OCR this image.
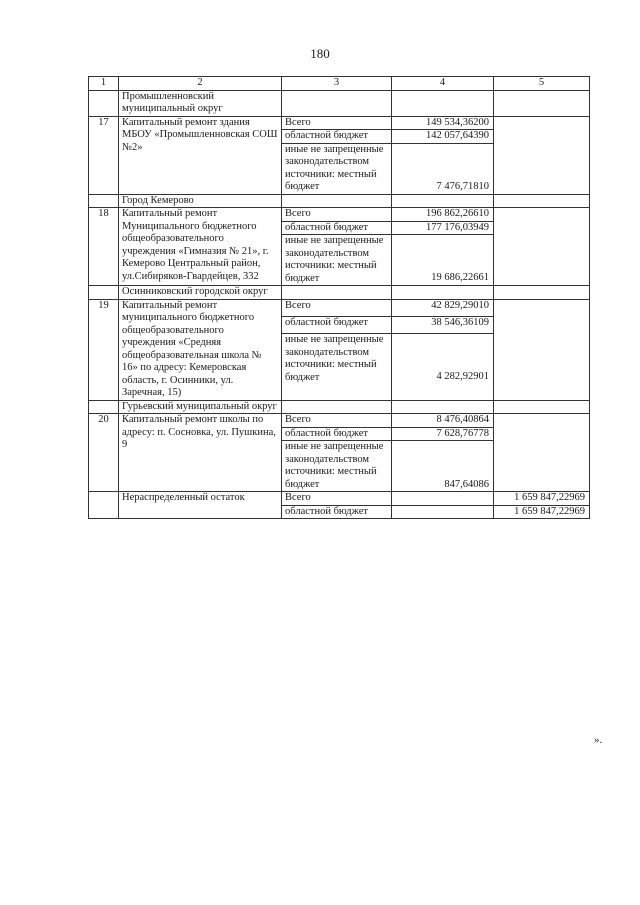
180
1	2	3	4	5
	Промышленновский муниципальный округ			
17	Капитальный ремонт здания МБОУ «Промышленновская СОШ №2»	Всего	149 534,36200	
		областной бюджет	142 057,64390	
		иные не запрещенные законодательством источники: местный бюджет	7 476,71810	
	Город Кемерово			
18	Капитальный ремонт Муниципального бюджетного общеобразовательного учреждения «Гимназия № 21», г. Кемерово Центральный район, ул.Сибиряков-Гвардейцев, 332	Всего	196 862,26610	
		областной бюджет	177 176,03949	
		иные не запрещенные законодательством источники: местный бюджет	19 686,22661	
	Осинниковский городской округ			
19	Капитальный ремонт муниципального бюджетного общеобразовательного учреждения «Средняя общеобразовательная школа № 16» по адресу: Кемеровская область, г. Осинники, ул. Заречная, 15)	Всего	42 829,29010	
		областной бюджет	38 546,36109	
		иные не запрещенные законодательством источники: местный бюджет	4 282,92901	
	Гурьевский муниципальный округ			
20	Капитальный ремонт школы по адресу: п. Сосновка, ул. Пушкина, 9	Всего	8 476,40864	
		областной бюджет	7 628,76778	
		иные не запрещенные законодательством источники: местный бюджет	847,64086	
	Нераспределенный остаток	Всего		1 659 847,22969
		областной бюджет		1 659 847,22969
».
